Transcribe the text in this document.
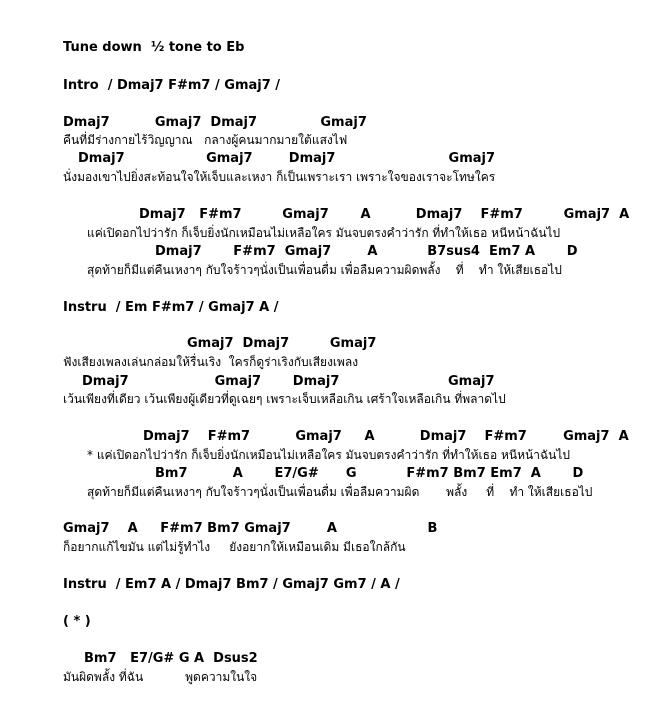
Tune down  ½ tone to Eb
Intro  / Dmaj7 F#m7 / Gmaj7 /
Dmaj7          Gmaj7  Dmaj7              Gmaj7
คืนที่มีร่างกายไร้วิญญาณ   กลางผู้คนมากมายใต้แสงไฟ
Dmaj7                  Gmaj7        Dmaj7                         Gmaj7
นั่งมองเขาไปยิ่งสะท้อนใจให้เจ็บและเหงา ก็เป็นเพราะเรา เพราะใจของเราจะโทษใคร
Dmaj7   F#m7         Gmaj7       A          Dmaj7    F#m7         Gmaj7  A
แค่เปิดอกไปว่ารัก ก็เจ็บยิ่งนักเหมือนไม่เหลือใคร มันจบตรงคำว่ารัก ที่ทำให้เธอ หนีหน้าฉันไป
Dmaj7       F#m7  Gmaj7        A           B7sus4  Em7 A       D
สุดท้ายก็มีแต่คืนเหงาๆ กับใจร้าวๆนั่งเป็นเพื่อนดื่ม เพื่อลืมความผิดพลั้ง    ที่    ทำ ให้เสียเธอไป
Instru  / Em F#m7 / Gmaj7 A /
Gmaj7  Dmaj7         Gmaj7
ฟังเสียงเพลงเล่นกล่อมให้รื่นเริง  ใครก็ดูร่าเริงกับเสียงเพลง
Dmaj7                   Gmaj7       Dmaj7                        Gmaj7
เว้นเพียงที่เดียว เว้นเพียงผู้เดียวที่ดูเฉยๆ เพราะเจ็บเหลือเกิน เศร้าใจเหลือเกิน ที่พลาดไป
Dmaj7    F#m7          Gmaj7     A          Dmaj7    F#m7        Gmaj7  A
* แค่เปิดอกไปว่ารัก ก็เจ็บยิ่งนักเหมือนไม่เหลือใคร มันจบตรงคำว่ารัก ที่ทำให้เธอ หนีหน้าฉันไป
Bm7          A       E7/G#      G           F#m7 Bm7 Em7  A       D
สุดท้ายก็มีแต่คืนเหงาๆ กับใจร้าวๆนั่งเป็นเพื่อนดื่ม เพื่อลืมความผิด       พลั้ง     ที่    ทำ ให้เสียเธอไป
Gmaj7    A     F#m7 Bm7 Gmaj7        A                    B
ก็อยากแก้ไขมัน แต่ไม่รู้ทำไง     ยังอยากให้เหมือนเดิม มีเธอใกล้กัน
Instru  / Em7 A / Dmaj7 Bm7 / Gmaj7 Gm7 / A /
( * )
Bm7   E7/G# G A  Dsus2
มันผิดพลั้ง ที่ฉัน           พูดความในใจ
